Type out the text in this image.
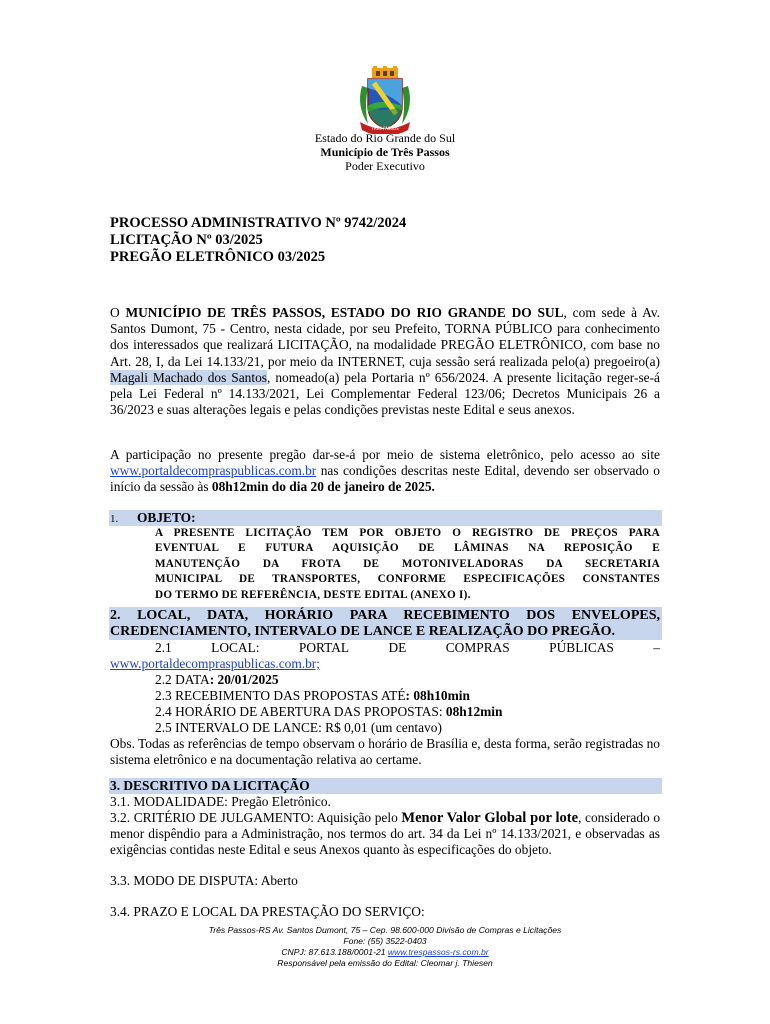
TRÊS PASSOS
Estado do Rio Grande do Sul
Município de Três Passos
Poder Executivo
PROCESSO ADMINISTRATIVO Nº 9742/2024
LICITAÇÃO Nº 03/2025
PREGÃO ELETRÔNICO 03/2025
O MUNICÍPIO DE TRÊS PASSOS, ESTADO DO RIO GRANDE DO SUL, com sede à Av. Santos Dumont, 75 - Centro, nesta cidade, por seu Prefeito, TORNA PÚBLICO para conhecimento dos interessados que realizará LICITAÇÃO, na modalidade PREGÃO ELETRÔNICO, com base no Art. 28, I, da Lei 14.133/21, por meio da INTERNET, cuja sessão será realizada pelo(a) pregoeiro(a) Magali Machado dos Santos, nomeado(a) pela Portaria nº 656/2024. A presente licitação reger-se-á pela Lei Federal nº 14.133/2021, Lei Complementar Federal 123/06; Decretos Municipais 26 a 36/2023 e suas alterações legais e pelas condições previstas neste Edital e seus anexos.
A participação no presente pregão dar-se-á por meio de sistema eletrônico, pelo acesso ao site www.portaldecompraspublicas.com.br nas condições descritas neste Edital, devendo ser observado o início da sessão às 08h12min do dia 20 de janeiro de 2025.
1. OBJETO:
A PRESENTE LICITAÇÃO TEM POR OBJETO O REGISTRO DE PREÇOS PARA
EVENTUAL E FUTURA AQUISIÇÃO DE LÂMINAS NA REPOSIÇÃO E
MANUTENÇÃO DA FROTA DE MOTONIVELADORAS DA SECRETARIA
MUNICIPAL DE TRANSPORTES, CONFORME ESPECIFICAÇÕES CONSTANTES
DO TERMO DE REFERÊNCIA, DESTE EDITAL (ANEXO I).
2. LOCAL, DATA, HORÁRIO PARA RECEBIMENTO DOS ENVELOPES,
CREDENCIAMENTO, INTERVALO DE LANCE E REALIZAÇÃO DO PREGÃO.
2.1	LOCAL:	PORTAL	DE	COMPRAS	PÚBLICAS	–
www.portaldecompraspublicas.com.br;
2.2 DATA: 20/01/2025
2.3 RECEBIMENTO DAS PROPOSTAS ATÉ: 08h10min
2.4 HORÁRIO DE ABERTURA DAS PROPOSTAS: 08h12min
2.5 INTERVALO DE LANCE: R$ 0,01 (um centavo)
Obs. Todas as referências de tempo observam o horário de Brasília e, desta forma, serão registradas no sistema eletrônico e na documentação relativa ao certame.
3. DESCRITIVO DA LICITAÇÃO
3.1. MODALIDADE: Pregão Eletrônico.
3.2. CRITÉRIO DE JULGAMENTO: Aquisição pelo Menor Valor Global por lote, considerado o menor dispêndio para a Administração, nos termos do art. 34 da Lei nº 14.133/2021, e observadas as exigências contidas neste Edital e seus Anexos quanto às especificações do objeto.
3.3. MODO DE DISPUTA: Aberto
3.4. PRAZO E LOCAL DA PRESTAÇÃO DO SERVIÇO:
Três Passos-RS Av. Santos Dumont, 75 – Cep. 98.600-000 Divisão de Compras e Licitações
Fone: (55) 3522-0403
CNPJ: 87.613.188/0001-21 www.trespassos-rs.com.br
Responsável pela emissão do Edital: Cleomar j. Thiesen
